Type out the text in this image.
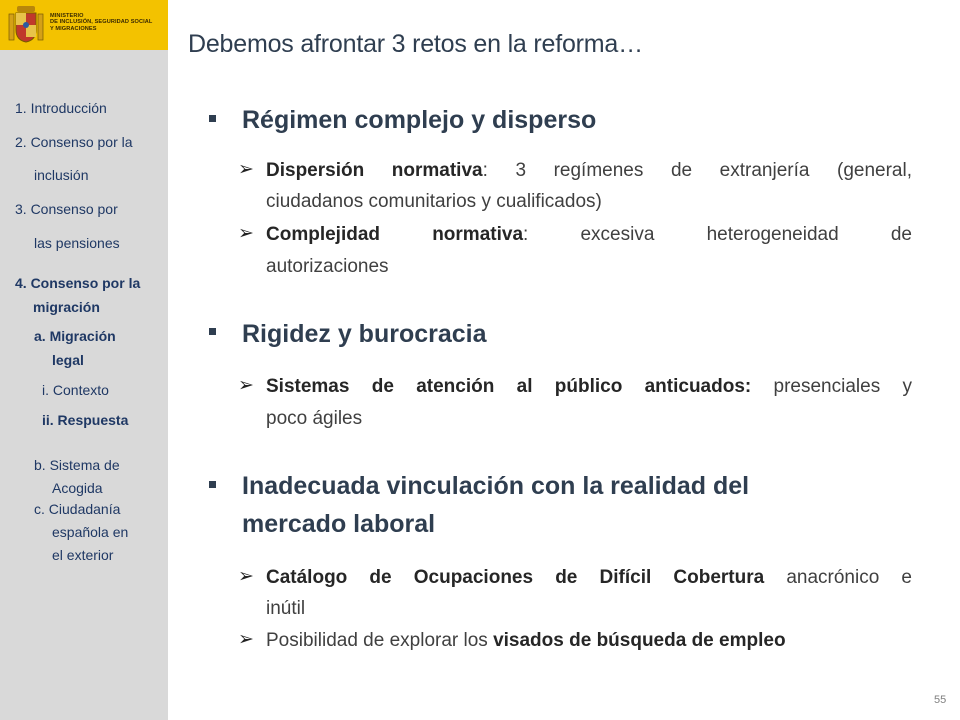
MINISTERIO
DE INCLUSIÓN, SEGURIDAD SOCIAL
Y MIGRACIONES

1. Introducción

2. Consenso por la

inclusión

3. Consenso por

las pensiones

4. Consenso por la

migración

a. Migración

legal

i. Contexto

ii. Respuesta

b. Sistema de

Acogida

c. Ciudadanía

española en

el exterior

Debemos afrontar 3 retos en la reforma…
Régimen complejo y disperso
➢ Dispersión normativa: 3 regímenes de extranjería (general,

ciudadanos comunitarios y cualificados)

➢ Complejidad normativa: excesiva heterogeneidad de

autorizaciones

Rigidez y burocracia
➢ Sistemas de atención al público anticuados: presenciales y

poco ágiles

Inadecuada vinculación con la realidad del
mercado laboral
➢ Catálogo de Ocupaciones de Difícil Cobertura anacrónico e

inútil

➢ Posibilidad de explorar los visados de búsqueda de empleo

55
